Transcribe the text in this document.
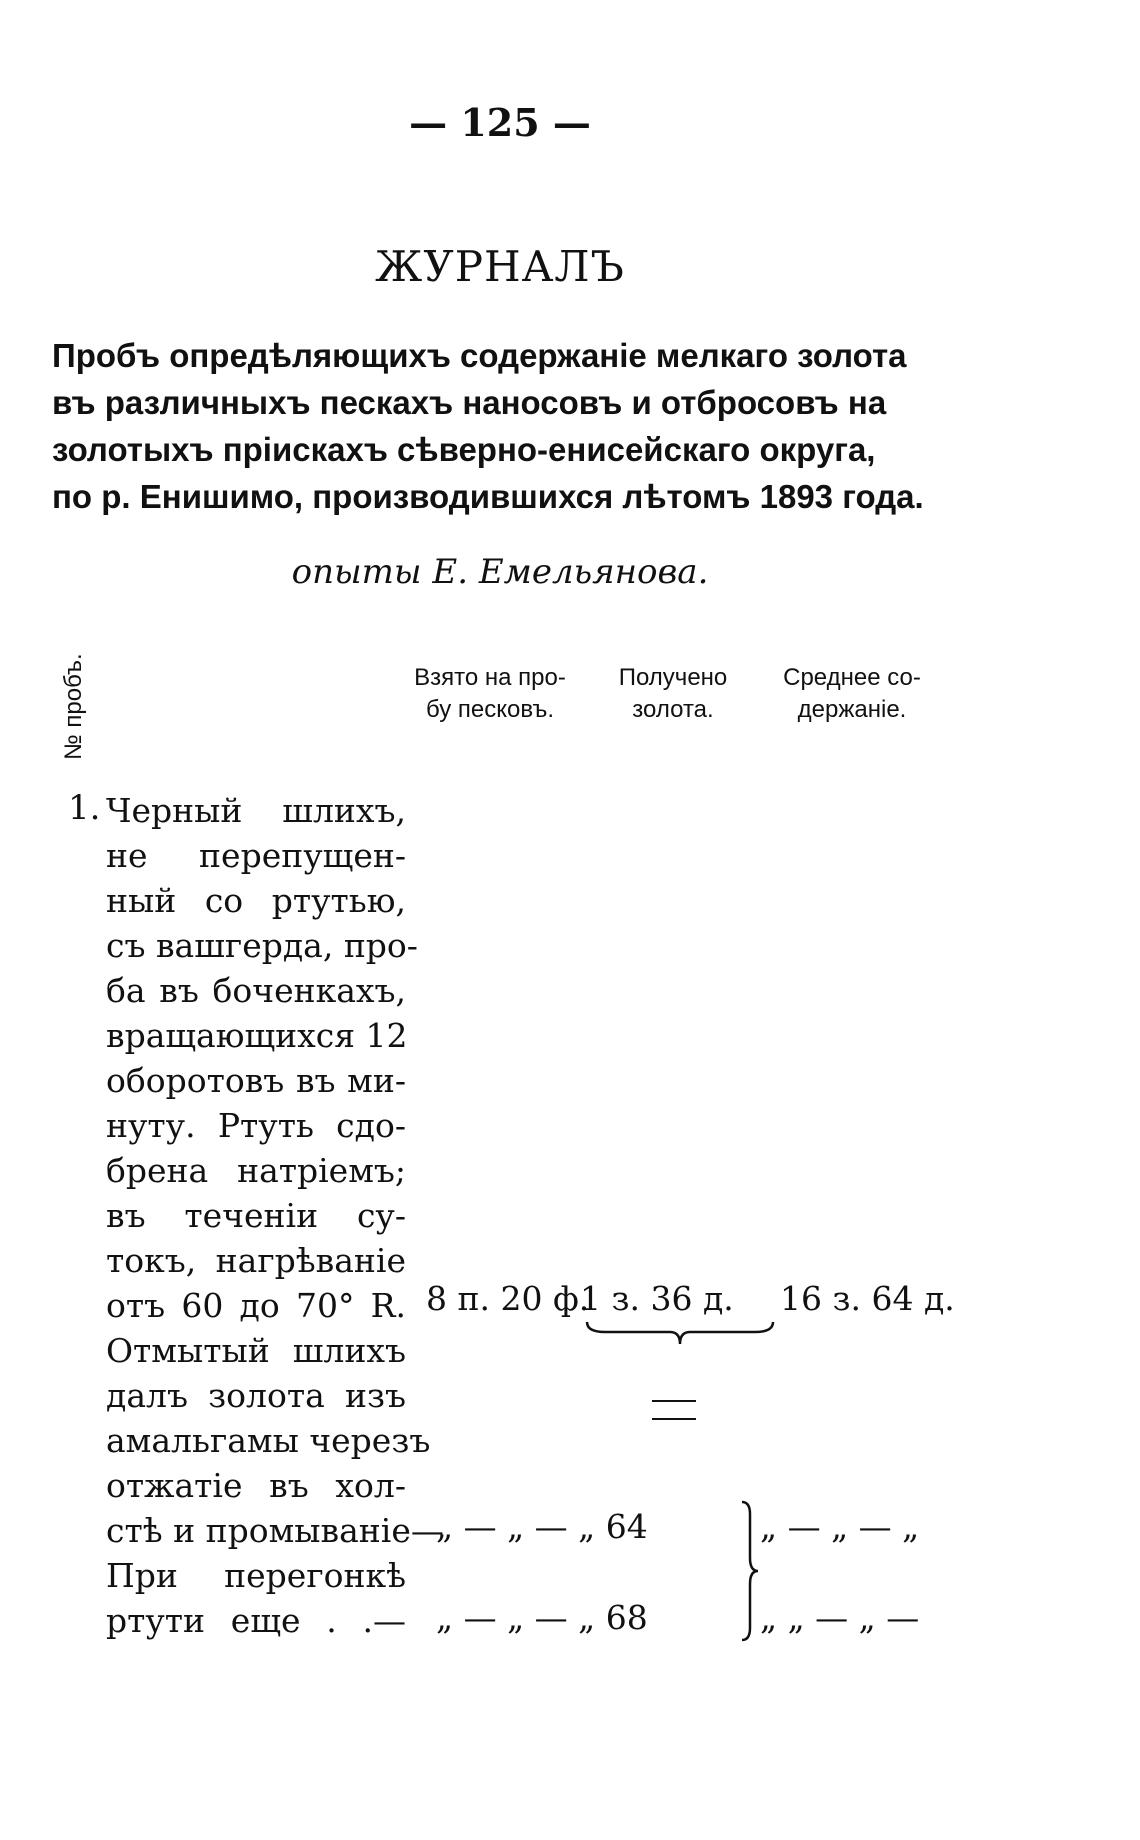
— 125 —
ЖУРНАЛЪ
Пробъ опредѣляющихъ содержаніе мелкаго золота
въ различныхъ пескахъ наносовъ и отбросовъ на
золотыхъ пріискахъ сѣверно-енисейскаго округа,
по р. Енишимо, производившихся лѣтомъ 1893 года.
опыты Е. Емельянова.
№ пробъ.	Взято на про-
бу песковъ.
Получено
золота.
Среднее со-
держаніе.
1. Черный шлихъ,
не перепущен-
ный со ртутью,
съ вашгерда, про-
ба въ боченкахъ,
вращающихся 12
оборотовъ въ ми-
нуту. Ртуть сдо-
брена натріемъ;
въ теченіи су-
токъ, нагрѣваніе
отъ 60 до 70° R.
Отмытый шлихъ
далъ золота изъ
амальгамы черезъ
отжатіе въ хол-
стѣ и промываніе—
При перегонкѣ
ртути еще . .—
8 п. 20 ф.
1 з. 36 д. 16 з. 64 д.
„ — „ — „ 64
„ — „ — „ 68
„ — „ — „
„ „ — „ —
